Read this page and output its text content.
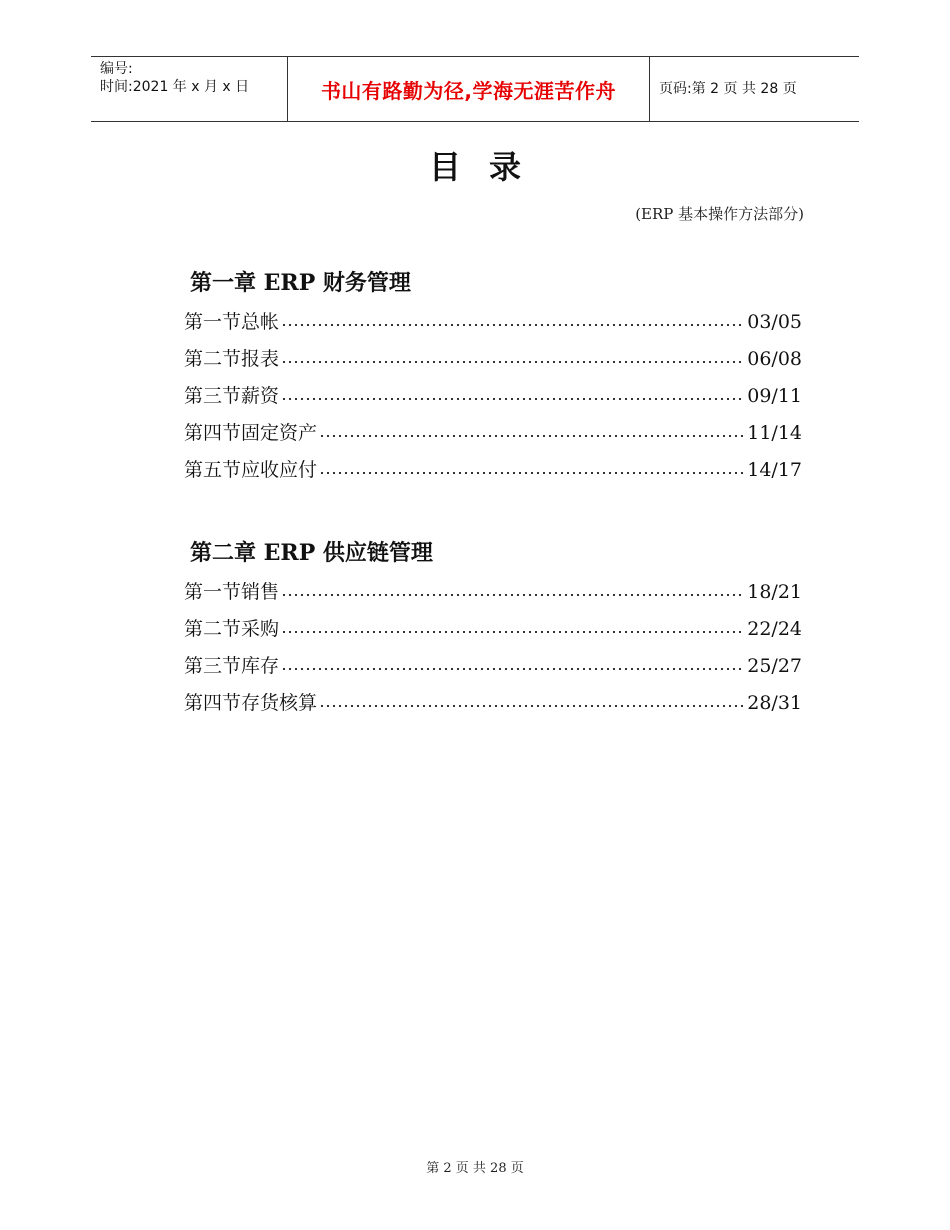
编号:
时间:2021 年 x 月 x 日	书山有路勤为径,学海无涯苦作舟	页码:第 2 页 共 28 页
目录
(ERP 基本操作方法部分)
第一章 ERP 财务管理
第一节总帐	03/05
第二节报表	06/08
第三节薪资	09/11
第四节固定资产	11/14
第五节应收应付	14/17
第二章 ERP 供应链管理
第一节销售	18/21
第二节采购	22/24
第三节库存	25/27
第四节存货核算	28/31
第 2 页 共 28 页
